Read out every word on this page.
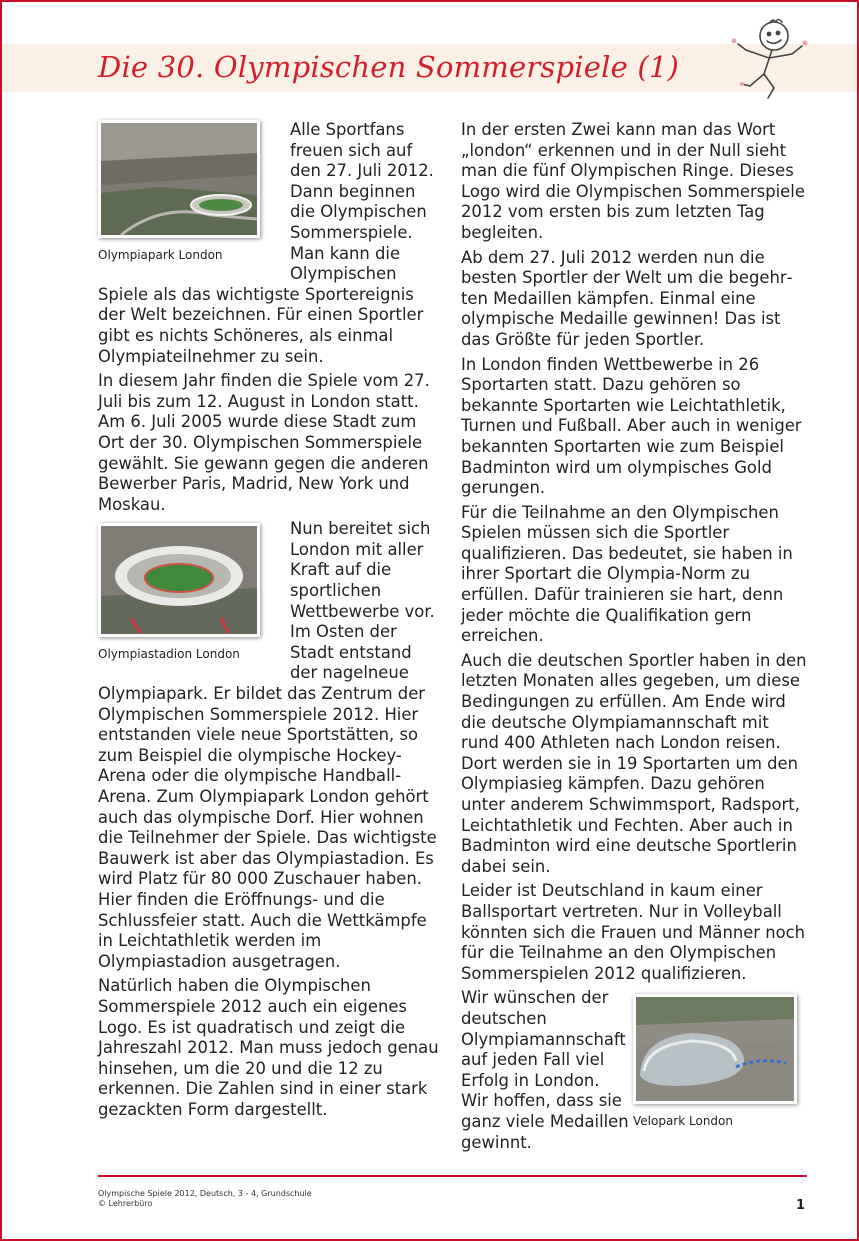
Die 30. Olympischen Sommerspiele (1)
Olympiapark London

Alle Sportfans freuen sich auf den 27. Juli 2012. Dann beginnen die Olympischen Sommerspiele. Man kann die Olympischen Spiele als das wichtigste Sportereignis der Welt bezeichnen. Für einen Sportler gibt es nichts Schöneres, als einmal Olympiateilnehmer zu sein.

In diesem Jahr finden die Spiele vom 27. Juli bis zum 12. August in London statt. Am 6. Juli 2005 wurde diese Stadt zum Ort der 30. Olympischen Sommerspiele gewählt. Sie gewann gegen die anderen Bewerber Paris, Madrid, New York und Moskau.

Olympiastadion London

Nun bereitet sich London mit aller Kraft auf die sportlichen Wettbewerbe vor. Im Osten der Stadt entstand der nagelneue Olympiapark. Er bildet das Zentrum der Olympischen Sommerspiele 2012. Hier entstanden viele neue Sportstätten, so zum Beispiel die olympische Hockey-Arena oder die olympische Handball-Arena. Zum Olympiapark London gehört auch das olympische Dorf. Hier wohnen die Teilnehmer der Spiele. Das wichtigste Bauwerk ist aber das Olympiastadion. Es wird Platz für 80 000 Zuschauer haben. Hier finden die Eröffnungs- und die Schlussfeier statt. Auch die Wettkämpfe in Leichtathletik werden im Olympiastadion ausgetragen.

Natürlich haben die Olympischen Sommerspiele 2012 auch ein eigenes Logo. Es ist quadratisch und zeigt die Jahreszahl 2012. Man muss jedoch genau hinsehen, um die 20 und die 12 zu erkennen. Die Zahlen sind in einer stark gezackten Form dargestellt.

In der ersten Zwei kann man das Wort „london“ erkennen und in der Null sieht man die fünf Olympischen Ringe. Dieses Logo wird die Olympischen Sommerspiele 2012 vom ersten bis zum letzten Tag begleiten.

Ab dem 27. Juli 2012 werden nun die besten Sportler der Welt um die begehrten Medaillen kämpfen. Einmal eine olympische Medaille gewinnen! Das ist das Größte für jeden Sportler.

In London finden Wettbewerbe in 26 Sportarten statt. Dazu gehören so bekannte Sportarten wie Leichtathletik, Turnen und Fußball. Aber auch in weniger bekannten Sportarten wie zum Beispiel Badminton wird um olympisches Gold gerungen.

Für die Teilnahme an den Olympischen Spielen müssen sich die Sportler qualifizieren. Das bedeutet, sie haben in ihrer Sportart die Olympia-Norm zu erfüllen. Dafür trainieren sie hart, denn jeder möchte die Qualifikation gern erreichen.

Auch die deutschen Sportler haben in den letzten Monaten alles gegeben, um diese Bedingungen zu erfüllen. Am Ende wird die deutsche Olympiamannschaft mit rund 400 Athleten nach London reisen. Dort werden sie in 19 Sportarten um den Olympiasieg kämpfen. Dazu gehören unter anderem Schwimmsport, Radsport, Leichtathletik und Fechten. Aber auch in Badminton wird eine deutsche Sportlerin dabei sein.

Leider ist Deutschland in kaum einer Ballsportart vertreten. Nur in Volleyball könnten sich die Frauen und Männer noch für die Teilnahme an den Olympischen Sommerspielen 2012 qualifizieren.

Velopark London

Wir wünschen der deutschen Olympiamannschaft auf jeden Fall viel Erfolg in London. Wir hoffen, dass sie ganz viele Medaillen gewinnt.

Olympische Spiele 2012, Deutsch, 3 - 4, Grundschule
© Lehrerbüro	1
